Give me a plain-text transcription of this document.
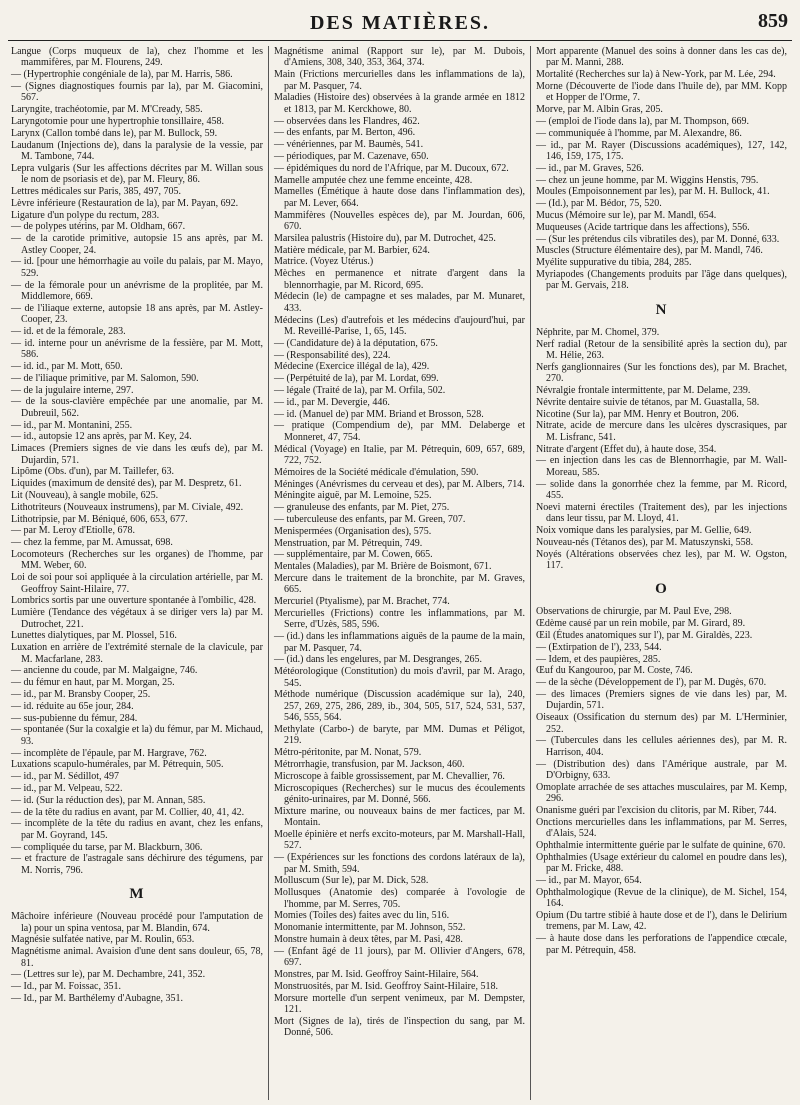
DES MATIÈRES.	859

Langue (Corps muqueux de la), chez l'homme et les mammifères, par M. Flourens, 249.

— (Hypertrophie congéniale de la), par M. Harris, 586.

— (Signes diagnostiques fournis par la), par M. Giacomini, 567.

Laryngite, trachéotomie, par M. M'Cready, 585.

Laryngotomie pour une hypertrophie tonsillaire, 458.

Larynx (Callon tombé dans le), par M. Bullock, 59.

Laudanum (Injections de), dans la paralysie de la vessie, par M. Tambone, 744.

Lepra vulgaris (Sur les affections décrites par M. Willan sous le nom de psoriasis et de), par M. Fleury, 86.

Lettres médicales sur Paris, 385, 497, 705.

Lèvre inférieure (Restauration de la), par M. Payan, 692.

Ligature d'un polype du rectum, 283.

— de polypes utérins, par M. Oldham, 667.

— de la carotide primitive, autopsie 15 ans après, par M. Astley Cooper, 24.

— id. [pour une hémorrhagie au voile du palais, par M. Mayo, 529.

— de la fémorale pour un anévrisme de la proplitée, par M. Middlemore, 669.

— de l'iliaque externe, autopsie 18 ans après, par M. Astley-Cooper, 23.

— id. et de la fémorale, 283.

— id. interne pour un anévrisme de la fessière, par M. Mott, 586.

— id. id., par M. Mott, 650.

— de l'iliaque primitive, par M. Salomon, 590.

— de la jugulaire interne, 297.

— de la sous-clavière empêchée par une anomalie, par M. Dubreuil, 562.

— id., par M. Montanini, 255.

— id., autopsie 12 ans après, par M. Key, 24.

Limaces (Premiers signes de vie dans les œufs de), par M. Dujardin, 571.

Lipôme (Obs. d'un), par M. Taillefer, 63.

Liquides (maximum de densité des), par M. Despretz, 61.

Lit (Nouveau), à sangle mobile, 625.

Lithotriteurs (Nouveaux instrumens), par M. Civiale, 492.

Lithotripsie, par M. Béniqué, 606, 653, 677.

— par M. Leroy d'Etiolle, 678.

— chez la femme, par M. Amussat, 698.

Locomoteurs (Recherches sur les organes) de l'homme, par MM. Weber, 60.

Loi de soi pour soi appliquée à la circulation artérielle, par M. Geoffroy Saint-Hilaire, 77.

Lombrics sortis par une ouverture spontanée à l'ombilic, 428.

Lumière (Tendance des végétaux à se diriger vers la) par M. Dutrochet, 221.

Lunettes dialytiques, par M. Plossel, 516.

Luxation en arrière de l'extrémité sternale de la clavicule, par M. Macfarlane, 283.

— ancienne du coude, par M. Malgaigne, 746.

— du fémur en haut, par M. Morgan, 25.

— id., par M. Bransby Cooper, 25.

— id. réduite au 65e jour, 284.

— sus-pubienne du fémur, 284.

— spontanée (Sur la coxalgie et la) du fémur, par M. Michaud, 93.

— incomplète de l'épaule, par M. Hargrave, 762.

Luxations scapulo-humérales, par M. Pétrequin, 505.

— id., par M. Sédillot, 497

— id., par M. Velpeau, 522.

— id. (Sur la réduction des), par M. Annan, 585.

— de la tête du radius en avant, par M. Collier, 40, 41, 42.

— incomplète de la tête du radius en avant, chez les enfans, par M. Goyrand, 145.

— compliquée du tarse, par M. Blackburn, 306.

— et fracture de l'astragale sans déchirure des tégumens, par M. Norris, 796.

M

Mâchoire inférieure (Nouveau procédé pour l'amputation de la) pour un spina ventosa, par M. Blandin, 674.

Magnésie sulfatée native, par M. Roulin, 653.

Magnétisme animal. Avaision d'une dent sans douleur, 65, 78, 81.

— (Lettres sur le), par M. Dechambre, 241, 352.

— Id., par M. Foissac, 351.

— Id., par M. Barthélemy d'Aubagne, 351.

Magnétisme animal (Rapport sur le), par M. Dubois, d'Amiens, 308, 340, 353, 364, 374.

Main (Frictions mercurielles dans les inflammations de la), par M. Pasquer, 74.

Maladies (Histoire des) observées à la grande armée en 1812 et 1813, par M. Kerckhowe, 80.

— observées dans les Flandres, 462.

— des enfants, par M. Berton, 496.

— vénériennes, par M. Baumès, 541.

— périodiques, par M. Cazenave, 650.

— épidémiques du nord de l'Afrique, par M. Ducoux, 672.

Mamelle amputée chez une femme enceinte, 428.

Mamelles (Émétique à haute dose dans l'inflammation des), par M. Lever, 664.

Mammifères (Nouvelles espèces de), par M. Jourdan, 606, 670.

Marsilea palustris (Histoire du), par M. Dutrochet, 425.

Matière médicale, par M. Barbier, 624.

Matrice. (Voyez Utérus.)

Mèches en permanence et nitrate d'argent dans la blennorrhagie, par M. Ricord, 695.

Médecin (le) de campagne et ses malades, par M. Munaret, 433.

Médecins (Les) d'autrefois et les médecins d'aujourd'hui, par M. Reveillé-Parise, 1, 65, 145.

— (Candidature de) à la députation, 675.

— (Responsabilité des), 224.

Médecine (Exercice illégal de la), 429.

— (Perpétuité de la), par M. Lordat, 699.

— légale (Traité de la), par M. Orfila, 502.

— id., par M. Devergie, 446.

— id. (Manuel de) par MM. Briand et Brosson, 528.

— pratique (Compendium de), par MM. Delaberge et Monneret, 47, 754.

Médical (Voyage) en Italie, par M. Pétrequin, 609, 657, 689, 722, 752.

Mémoires de la Société médicale d'émulation, 590.

Méninges (Anévrismes du cerveau et des), par M. Albers, 714.

Méningite aiguë, par M. Lemoine, 525.

— granuleuse des enfants, par M. Piet, 275.

— tuberculeuse des enfants, par M. Green, 707.

Menispermées (Organisation des), 575.

Menstruation, par M. Pétrequin, 749.

— supplémentaire, par M. Cowen, 665.

Mentales (Maladies), par M. Brière de Boismont, 671.

Mercure dans le traitement de la bronchite, par M. Graves, 665.

Mercuriel (Ptyalisme), par M. Brachet, 774.

Mercurielles (Frictions) contre les inflammations, par M. Serre, d'Uzès, 585, 596.

— (id.) dans les inflammations aiguës de la paume de la main, par M. Pasquer, 74.

— (id.) dans les engelures, par M. Desgranges, 265.

Météorologique (Constitution) du mois d'avril, par M. Arago, 545.

Méthode numérique (Discussion académique sur la), 240, 257, 269, 275, 286, 289, ib., 304, 505, 517, 524, 531, 537, 546, 555, 564.

Methylate (Carbo-) de baryte, par MM. Dumas et Péligot, 219.

Métro-péritonite, par M. Nonat, 579.

Métrorrhagie, transfusion, par M. Jackson, 460.

Microscope à faible grossissement, par M. Chevallier, 76.

Microscopiques (Recherches) sur le mucus des écoulements génito-urinaires, par M. Donné, 566.

Mixture marine, ou nouveaux bains de mer factices, par M. Montain.

Moelle épinière et nerfs excito-moteurs, par M. Marshall-Hall, 527.

— (Expériences sur les fonctions des cordons latéraux de la), par M. Smith, 594.

Molluscum (Sur le), par M. Dick, 528.

Mollusques (Anatomie des) comparée à l'ovologie de l'homme, par M. Serres, 705.

Momies (Toiles des) faites avec du lin, 516.

Monomanie intermittente, par M. Johnson, 552.

Monstre humain à deux têtes, par M. Pasi, 428.

— (Enfant âgé de 11 jours), par M. Ollivier d'Angers, 678, 697.

Monstres, par M. Isid. Geoffroy Saint-Hilaire, 564.

Monstruosités, par M. Isid. Geoffroy Saint-Hilaire, 518.

Morsure mortelle d'un serpent venimeux, par M. Dempster, 121.

Mort (Signes de la), tirés de l'inspection du sang, par M. Donné, 506.

Mort apparente (Manuel des soins à donner dans les cas de), par M. Manni, 288.

Mortalité (Recherches sur la) à New-York, par M. Lée, 294.

Morne (Découverte de l'iode dans l'huile de), par MM. Kopp et Hopper de l'Orme, 7.

Morve, par M. Albin Gras, 205.

— (emploi de l'iode dans la), par M. Thompson, 669.

— communiquée à l'homme, par M. Alexandre, 86.

— id., par M. Rayer (Discussions académiques), 127, 142, 146, 159, 175, 175.

— id., par M. Graves, 526.

— chez un jeune homme, par M. Wiggins Henstis, 795.

Moules (Empoisonnement par les), par M. H. Bullock, 41.

— (Id.), par M. Bédor, 75, 520.

Mucus (Mémoire sur le), par M. Mandl, 654.

Muqueuses (Acide tartrique dans les affections), 556.

— (Sur les prétendus cils vibratiles des), par M. Donné, 633.

Muscles (Structure élémentaire des), par M. Mandl, 746.

Myélite suppurative du tibia, 284, 285.

Myriapodes (Changements produits par l'âge dans quelques), par M. Gervais, 218.

N

Néphrite, par M. Chomel, 379.

Nerf radial (Retour de la sensibilité après la section du), par M. Hélie, 263.

Nerfs ganglionnaires (Sur les fonctions des), par M. Brachet, 270.

Névralgie frontale intermittente, par M. Delame, 239.

Névrite dentaire suivie de tétanos, par M. Guastalla, 58.

Nicotine (Sur la), par MM. Henry et Boutron, 206.

Nitrate, acide de mercure dans les ulcères dyscrasiques, par M. Lisfranc, 541.

Nitrate d'argent (Effet du), à haute dose, 354.

— en injection dans les cas de Blennorrhagie, par M. Wall-Moreau, 585.

— solide dans la gonorrhée chez la femme, par M. Ricord, 455.

Noevi materni érectiles (Traitement des), par les injections dans leur tissu, par M. Lloyd, 41.

Noix vomique dans les paralysies, par M. Gellie, 649.

Nouveau-nés (Tétanos des), par M. Matuszynski, 558.

Noyés (Altérations observées chez les), par M. W. Ogston, 117.

O

Observations de chirurgie, par M. Paul Eve, 298.

Œdème causé par un rein mobile, par M. Girard, 89.

Œil (Études anatomiques sur l'), par M. Giraldès, 223.

— (Extirpation de l'), 233, 544.

— Idem, et des paupières, 285.

Œuf du Kangouroo, par M. Coste, 746.

— de la sèche (Développement de l'), par M. Dugès, 670.

— des limaces (Premiers signes de vie dans les) par, M. Dujardin, 571.

Oiseaux (Ossification du sternum des) par M. L'Herminier, 252.

— (Tubercules dans les cellules aériennes des), par M. R. Harrison, 404.

— (Distribution des) dans l'Amérique australe, par M. D'Orbigny, 633.

Omoplate arrachée de ses attaches musculaires, par M. Kemp, 296.

Onanisme guéri par l'excision du clitoris, par M. Riber, 744.

Onctions mercurielles dans les inflammations, par M. Serres, d'Alais, 524.

Ophthalmie intermittente guérie par le sulfate de quinine, 670.

Ophthalmies (Usage extérieur du calomel en poudre dans les), par M. Fricke, 488.

— id., par M. Mayor, 654.

Ophthalmologique (Revue de la clinique), de M. Sichel, 154, 164.

Opium (Du tartre stibié à haute dose et de l'), dans le Delirium tremens, par M. Law, 42.

— à haute dose dans les perforations de l'appendice cœcale, par M. Pétrequin, 458.
